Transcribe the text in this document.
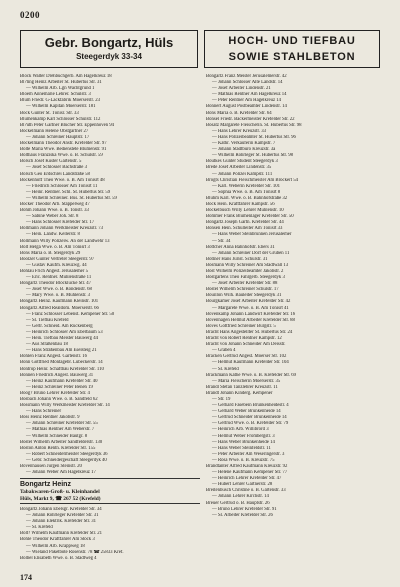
0200
Gebr. Bongartz, Hüls
Steegerdyk 33-34
HOCH- UND TIEFBAU
SOWIE STAHLBETON
Block Walter Drehbuchgerb. Am Hagelkreuz 18
Bl?ling Heinz Arbeiter St. Hubertus Str. 31
— Wilhelm Arb. Lgn Wachtgrund 1
Bloem Annemarie Lehrer. Schulstr. 3
Blum Friedr. G-Lackfabrik Moerserstr. 23
— Wilhelm Kapitän Moerserstr. 181
Bock Günter St. Tönisr. Str. 33
Blumenkamp Karl Schlosser Schulstr. 112
Bl?uth Peter Gärtner Blücher Str. Eppenhoven 94
Bockelmann Helene Obstgärtner 27
— Johann Schreiner Hauptstr. 17
Bockelmann Theodor Anstr. Krefelder Str. 97
Bolte Maria Wwe. Bedienstete Blumenstr. 91
Bolthaus Franziska Wwe. o. B. Schulstr. 59
Bölsch Josef Küster Gartenstr. 5
— Josef Schlosser Bachstraße 3
Bölsch Geo Erdschrei Landstraße 58
Böckenhoff Theo Wwe. o. B. Am Tönisrt 48
— Friedrich Schlosser Am Tönisrt 11
— Heinr. Rentner. Schl. St. Hubertus Str. 59
— Wilhelm Schreiner. Büs. St. Hubertus Str. 59
Böcker Theodor Arb. Stappelweg 47
Böhm Johann Wwe. o. B. Tonstr. 33
— Sabine Weber Joh. Str. 8
— Hans Schlosser Krefelder Str. 17
Bollmann Johann Werkmeister Kreuzstr. 73
— Hein. Landw. Kellerstr. 8
Bollmann Willy Polizeiw. An der Landwehr 13
Bölt Helga Wwe. o. B. Am Tönisrt 3
Bons Maria o. B. Steigerdyk 29
Boolzer Günter Vertreter Steegerstr. 97
— Gustav Kaufm. Kreuzwg. 44
Böhlau Frich Angest. Jerusalemer 5
— Eric. Rentner. Mühlenstraße 11
Bongartz Theodor Blocklücke Str. 47
— Josef Wwe. o. B. Rondenstr. 68
— Mary Wwe. o. B. Mühlenstr. 3
Bongartz Heinz. Kaufmann Kleinstr. 101
Bongartz Alfred Realdom. Moerserstr. 66
— Franz Schlosser Lebenst. Kempener Str. 50
— Sl. Tiefbau Krefeld
— Gertr. Schneid. Am Rückenberg
— Heinrich Schlosser Am Eberbaum 53
— Hein. Tiefbau Meister Bauwerg 44
— Aus Straßenbau 18
— Hans Straßenbau Am Eselsteig 21
Böhlen Franz Angest. Gartenstr. 16
Bonn Gottfried Montagebr. Lübeckerstr. 14
Bontrop Heinr. Schaftbau Krefelder Str. 110
Bonnen Friedrich Angest. Bauwerg 31
— Heinz Kaufmann Krefelder Str. 40
— Heinz Schreiner Peter Benen 19
Boog? Bruno Lehrer Krefelder Str. 4
Bosbach Johann Wwe. o. B. Sandfeld 62
Bossmann Willy Werkmeister Krefelder Str. 14
— Hans Schreiner
Boss Heinz Rentner Jakobstr. 9
— Johann Schreiner Krefelder Str. 55
— Mathias Rentner Am Weberstr. 7
— Wilhelm Schneider Bautgr. 8
Bostel Wilhelm Arbeiter Sandfelderstr. 130
Boston Anton Rentn. Krefelder Str. 155
— Robert Schneidermeister Steegerdyk 36
— Gebr. Schneidergeschäft Steegerdyk 40
Bovenhausen Jürgen Steinstr. 20
— Johann Weber Am Hagelkreuz 17
Bongartz Heinz
Tabakwaren-Groß- u. Kleinhandel
Hüls, Markt 9, ☎ 267 52 (Krefeld)
Bongartz Johann Ebelsgr. Krefelder Str. 34
— Johann Rohrleger Krefelder Str. 31
— Johann Elektrik. Krefelder Str. 31
— Sl. Krefeld
Bolt? Wilhelm Kaufmann Krefelder Str. 21
Böhle Theodor Kraftfahrer Am Stock 3
— Wilhelm Arb. Krappweg 18
— Wieland Paketbote Rosenstr. 78 ☎ 25833 Kref.
Bolbel Elisabeth Wwe. o. B. Stadtweg 4
Bongartz Franz Meister Jerusalemerstr. 42
— Johann Schlosser Alte Landstr. 14
— Josef Arbeiter Lindenstr. 21
— Mathias Rentner Am Hagelkreuz 14
— Peter Rentner Am Hagelkreuz 14
Bonnert August Postbeamter Lindenstr. 14
Bons Maria o. B. Krefelder Str. 64
Bonsel Friedr. Bäckermeister Krefelder Str. 22
Bosatz Margarete Fleischerin. St. Hubertus Str. 98
— Hans Lehrer Kreuzstr. 33
— Hans Polizeibeamter St. Hubertus Str. 96
— Kathr. Verkäuferin Kampstr. 7
— Johann Stadtbüro Kreuzstr. 3a
— Wilhelm Rohrleger St. Hubertus Str. 98
Boutkes Günter Student Steegerdyk 3
Brede Josef Arbeiter Lindenstr. 35
— Johann Polizei Kampstr. 111
Brögts Christian Fleischmeister Am Brockert 54
— Karl. Weberin Krefelder Str. 101
— Sophia Wwe. o. B. Am Tönisrt 8
Bluhm Karl. Wwe. o. B. Bahnhofstraße 32
Bock Hein. Kraftfahrer Kampstr. 56
Bockelbusch Willy Lehrer Mühlenstr. 10
Bommer Frank Blumenlager Krefelder Str. 50
Bongartz Joseph Gärtn. Krefelder Str. 44
Bonsen Hein. Schulleiter Am Tönisrt 33
— Hans Weber Steinbrunnen Jerusalemer
— Str. 34
Böttcher Anna Bahnhofstr. Ebers 31
— Johann Schreiner Dorf der Gruben 11
Bötlner Hans Jurist. Schulstr. 31
Bosmann Willy Schreiner Am Stadtwall 13
Bost Wilhelm Polizeibeamter Jakobstr. 2
Bostgärtens Theo Fahrgerb. Steegerdyk 3
— Josef Arbeiter Krefelder Str. 88
Bostel Wilhelm Schreiner Schulstr. 17
Bouillon Wilh. Bauleiter Steegerdyk 31
Bourgkamer Josef Arbeiter Krefelder Str. 42
— Margarete Wwe. o. B. Am Tönisrt 41
Bovenkamp Johann Landwirt Krefelder Str. 16
Bovenhagen Helmut Arbeiter Krefelder Str. 88
Boves Gottfried Schreiner Burgstr. 5
Bracht Hans Angestellter St. Hubertus Str. 24
Bracht von Robert Rentner Kampstr. 12
Bracht von Johann Schneider Am Deisstr.
— Graben 4
Bracken Gertrud Angest. Moerser Str. 102
— Helmut Kaufmann Krefelder Str. 104
— Sl. Krefeld
Brackmann Käthe Wwe. o. B. Krefelder Str. 69
— Maria Fleischerin Moerserstr. 35
Brandl Stefan Tanzlehrer Kreuzstr. 11
Brandt Johann Kinderg. Kempener
— Str. 19
— Gerhard Fasebein Brunkenheidestr. 4
— Gerhard Weber Brunkenheide 14
— Gertrud Schneider Brunkenheide 14
— Gertrud Wwe. o. B. Krefelder Str. 79
— Heinrich Arb. Willibrord 3
— Helmut Weber Frombergstr. 3
— Hans Weber Brunkenheide 14
— Hans Weber Steinfeldstr. 11
— Peter Arbeiter Am Weseringerstr. 3
— Rosa Wwe. o. B. Kreuzstr. 75
Brandtanter Alfred Kaufmann Kreuzstr. 92
— Helene Kaufmann Kempener Str. 77
— Heinrich Lehrer Krefelder Str. 47
— Hubert Lehrer Gärtnerstr. 28
Breitenbusch Christine o. B. Gartenstr. 33
— Johann Lehrer Kirchstr. 14
Breuer Gertrud o. B. Hauptstr. 26
— Bruno Lehrer Krefelder Str. 91
— Sl. Arbeiter Krefelder Str. 26
174
